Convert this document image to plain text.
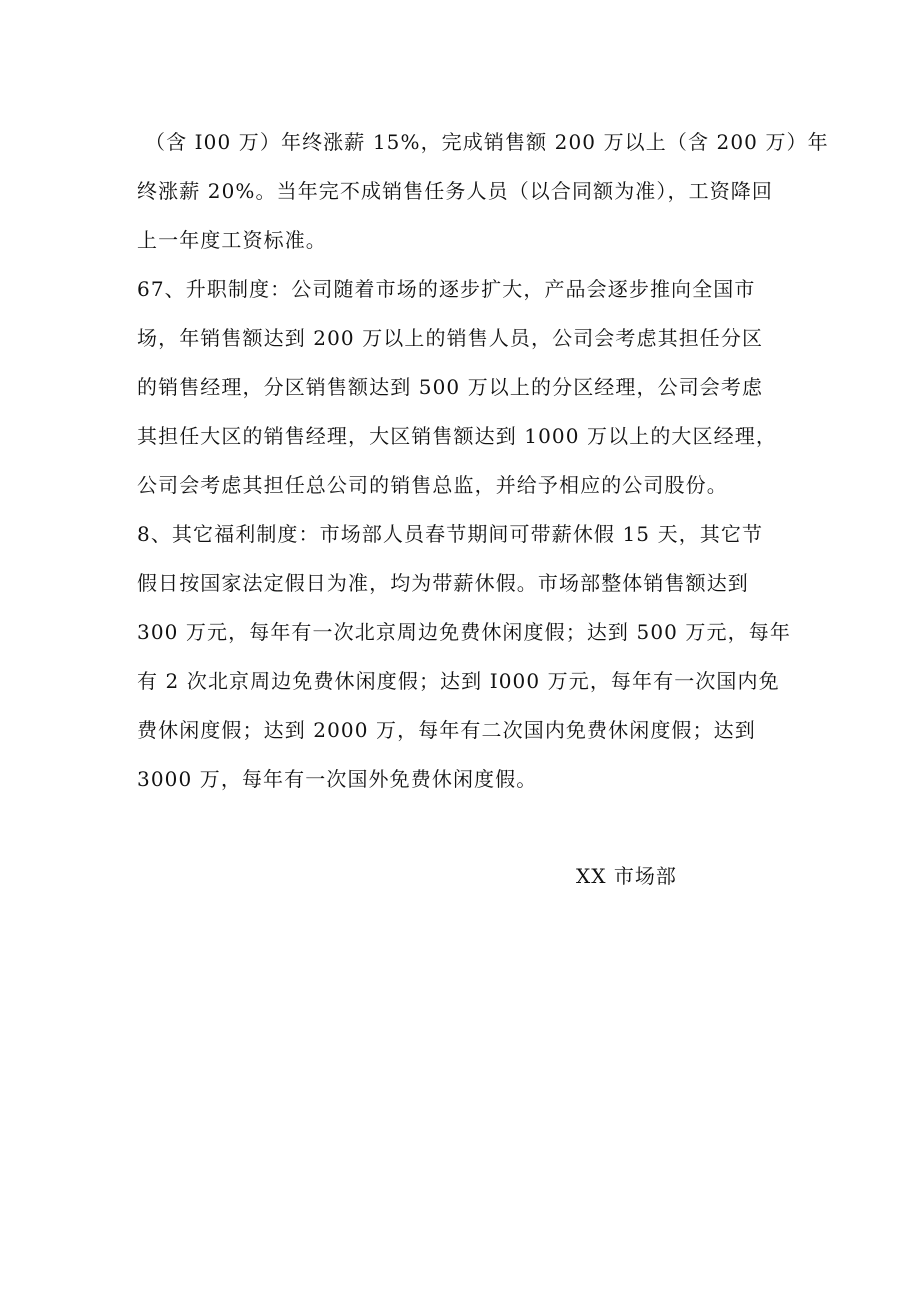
（含 I00 万）年终涨薪 15%，完成销售额 200 万以上（含 200 万）年
终涨薪 20%。当年完不成销售任务人员（以合同额为准），工资降回
上一年度工资标准。
67、升职制度：公司随着市场的逐步扩大，产品会逐步推向全国市
场，年销售额达到 200 万以上的销售人员，公司会考虑其担任分区
的销售经理，分区销售额达到 500 万以上的分区经理，公司会考虑
其担任大区的销售经理，大区销售额达到 1000 万以上的大区经理，
公司会考虑其担任总公司的销售总监，并给予相应的公司股份。
8、其它福利制度：市场部人员春节期间可带薪休假 15 天，其它节
假日按国家法定假日为准，均为带薪休假。市场部整体销售额达到
300 万元，每年有一次北京周边免费休闲度假；达到 500 万元，每年
有 2 次北京周边免费休闲度假；达到 I000 万元，每年有一次国内免
费休闲度假；达到 2000 万，每年有二次国内免费休闲度假；达到
3000 万，每年有一次国外免费休闲度假。
XX 市场部
